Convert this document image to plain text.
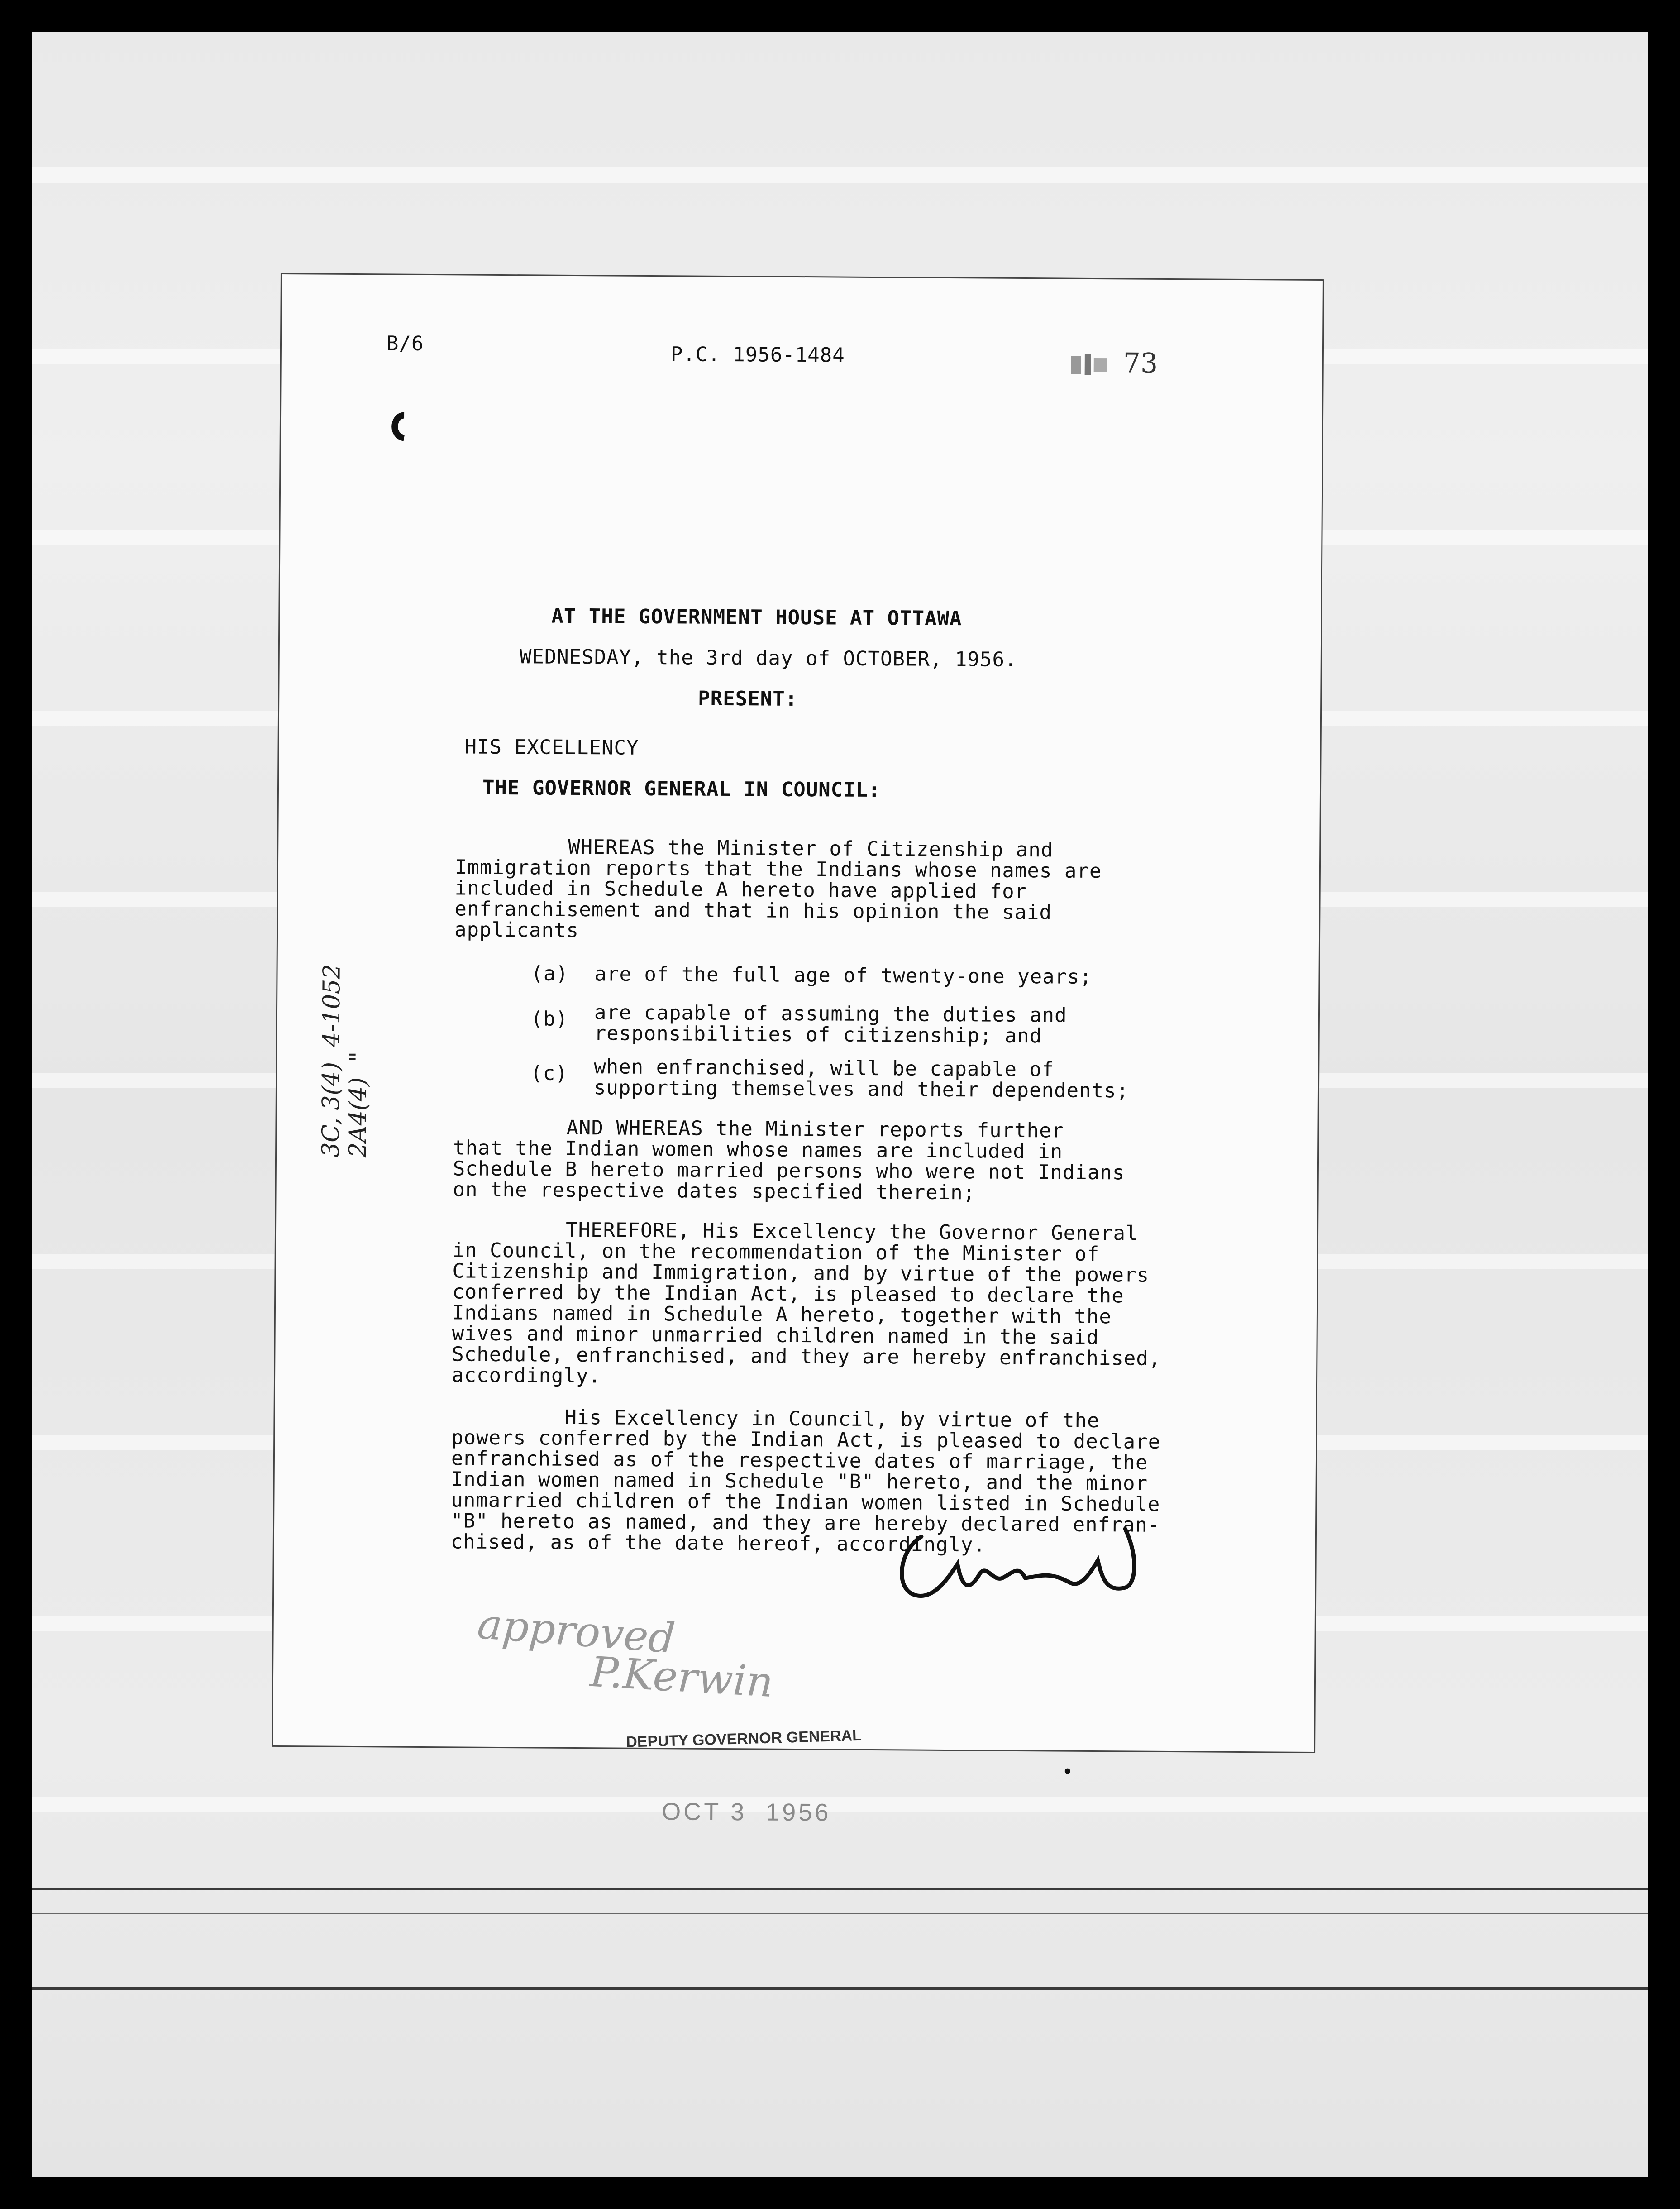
B/6	P.C. 1956-1484	73
AT THE GOVERNMENT HOUSE AT OTTAWA
WEDNESDAY, the 3rd day of OCTOBER, 1956.
PRESENT:
HIS EXCELLENCY
THE GOVERNOR GENERAL IN COUNCIL:
WHEREAS the Minister of Citizenship and
Immigration reports that the Indians whose names are
included in Schedule A hereto have applied for
enfranchisement and that in his opinion the said
applicants
(a) are of the full age of twenty-one years;
(b) are capable of assuming the duties and
responsibilities of citizenship; and
(c) when enfranchised, will be capable of
supporting themselves and their dependents;
AND WHEREAS the Minister reports further
that the Indian women whose names are included in
Schedule B hereto married persons who were not Indians
on the respective dates specified therein;
THEREFORE, His Excellency the Governor General
in Council, on the recommendation of the Minister of
Citizenship and Immigration, and by virtue of the powers
conferred by the Indian Act, is pleased to declare the
Indians named in Schedule A hereto, together with the
wives and minor unmarried children named in the said
Schedule, enfranchised, and they are hereby enfranchised,
accordingly.
His Excellency in Council, by virtue of the
powers conferred by the Indian Act, is pleased to declare
enfranchised as of the respective dates of marriage, the
Indian women named in Schedule "B" hereto, and the minor
unmarried children of the Indian women listed in Schedule
"B" hereto as named, and they are hereby declared enfran-
chised, as of the date hereof, accordingly.
3C, 3(4)  4-1052
2A4(4)  "
approved
P.Kerwin
DEPUTY GOVERNOR GENERAL
OCT 3  1956
